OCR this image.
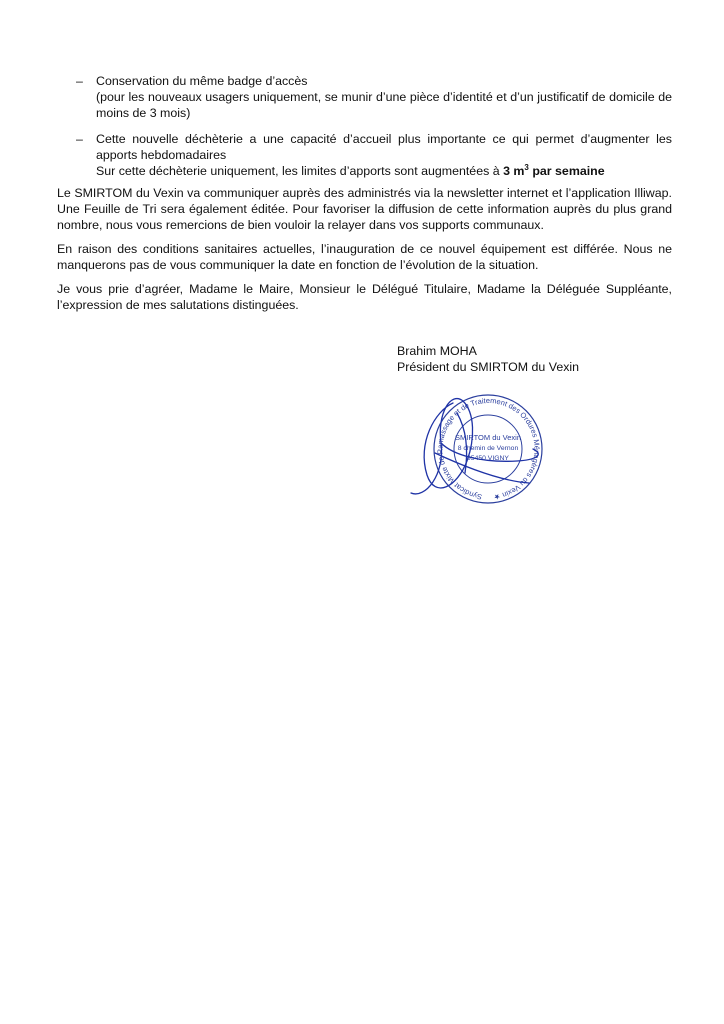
–	Conservation du même badge d’accès
(pour les nouveaux usagers uniquement, se munir d’une pièce d’identité et d’un justificatif de domicile de moins de 3 mois)
–	Cette nouvelle déchèterie a une capacité d’accueil plus importante ce qui permet d’augmenter les apports hebdomadaires
Sur cette déchèterie uniquement, les limites d’apports sont augmentées à 3 $m^3$ par semaine

Le SMIRTOM du Vexin va communiquer auprès des administrés via la newsletter internet et l’application Illiwap. Une Feuille de Tri sera également éditée. Pour favoriser la diffusion de cette information auprès du plus grand nombre, nous vous remercions de bien vouloir la relayer dans vos supports communaux.

En raison des conditions sanitaires actuelles, l’inauguration de ce nouvel équipement est différée. Nous ne manquerons pas de vous communiquer la date en fonction de l’évolution de la situation.

Je vous prie d’agréer, Madame le Maire, Monsieur le Délégué Titulaire, Madame la Déléguée Suppléante, l’expression de mes salutations distinguées.

Brahim MOHA
Président du SMIRTOM du Vexin
Syndicat Mixte de Ramassage et de Traitement des Ordures Ménagères du Vexin ★
SMIRTOM du Vexin
8 chemin de Vernon
95450 VIGNY
